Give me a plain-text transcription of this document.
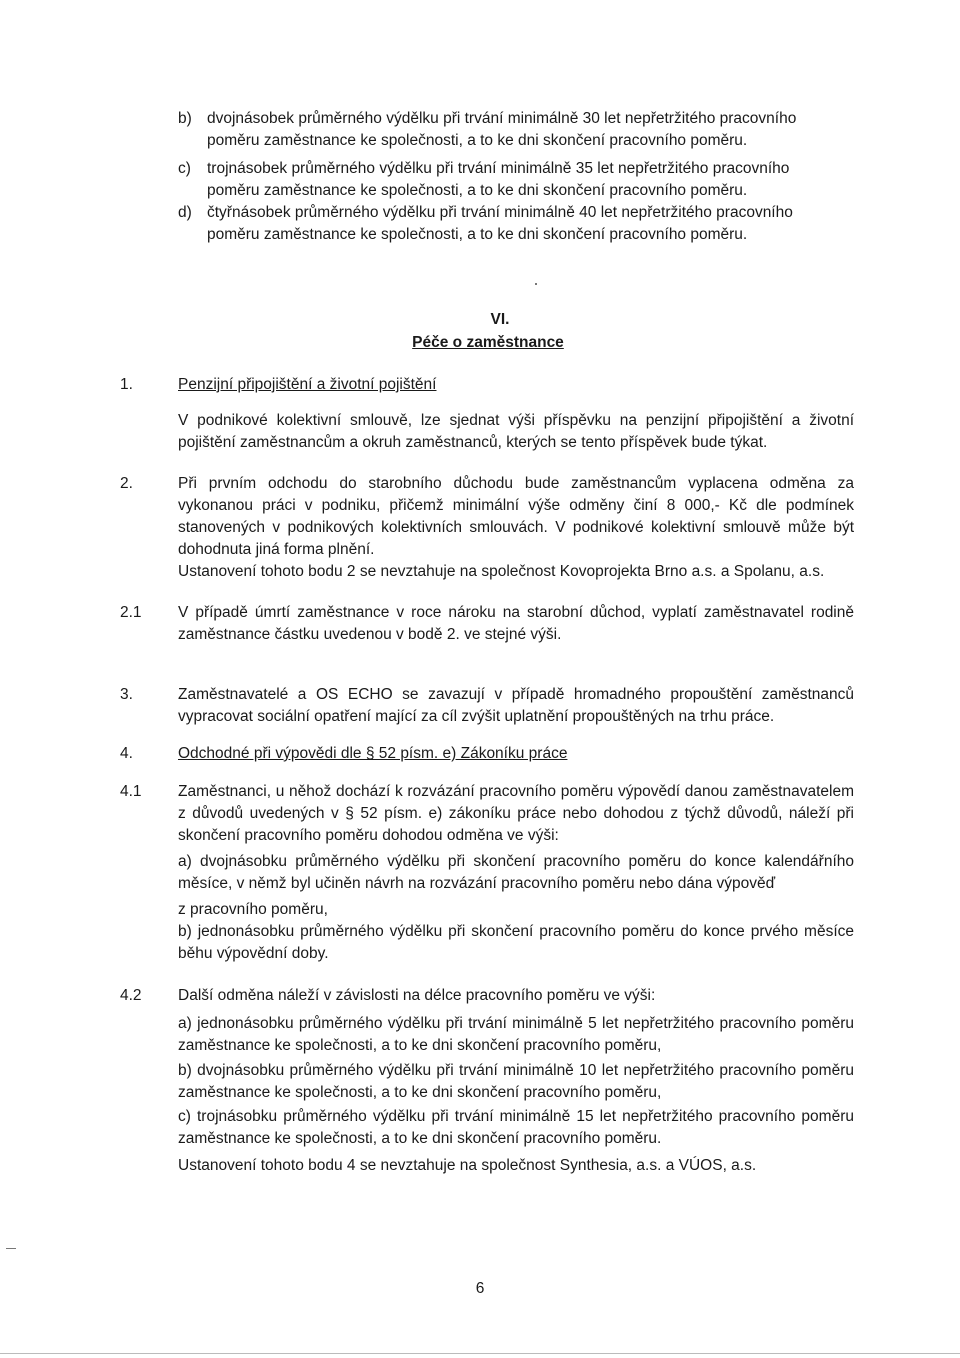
b) dvojnásobek průměrného výdělku při trvání minimálně 30 let nepřetržitého pracovního

poměru zaměstnance ke společnosti, a to ke dni skončení pracovního poměru.

c) trojnásobek průměrného výdělku při trvání minimálně 35 let nepřetržitého pracovního

poměru zaměstnance ke společnosti, a to ke dni skončení pracovního poměru.

d) čtyřnásobek průměrného výdělku při trvání minimálně 40 let nepřetržitého pracovního

poměru zaměstnance ke společnosti, a to ke dni skončení pracovního poměru.

VI.
Péče o zaměstnance
1.	Penzijní připojištění a životní pojištění
V podnikové kolektivní smlouvě, lze sjednat výši příspěvku na penzijní připojištění a životní pojištění zaměstnancům a okruh zaměstnanců, kterých se tento příspěvek bude týkat.
2.	Při prvním odchodu do starobního důchodu bude zaměstnancům vyplacena odměna za vykonanou práci v podniku, přičemž minimální výše odměny činí 8 000,- Kč dle podmínek stanovených v podnikových kolektivních smlouvách. V podnikové kolektivní smlouvě může být dohodnuta jiná forma plnění.
Ustanovení tohoto bodu 2 se nevztahuje na společnost Kovoprojekta Brno a.s. a Spolanu, a.s.
2.1 V případě úmrtí zaměstnance v roce nároku na starobní důchod, vyplatí zaměstnavatel rodině zaměstnance částku uvedenou v bodě 2. ve stejné výši.
3.	Zaměstnavatelé a OS ECHO se zavazují v případě hromadného propouštění zaměstnanců vypracovat sociální opatření mající za cíl zvýšit uplatnění propouštěných na trhu práce.
4.	Odchodné při výpovědi dle § 52 písm. e) Zákoníku práce
4.1 Zaměstnanci, u něhož dochází k rozvázání pracovního poměru výpovědí danou zaměstnavatelem z důvodů uvedených v § 52 písm. e) zákoníku práce nebo dohodou z týchž důvodů, náleží při skončení pracovního poměru dohodou odměna ve výši:
a) dvojnásobku průměrného výdělku při skončení pracovního poměru do konce kalendářního měsíce, v němž byl učiněn návrh na rozvázání pracovního poměru nebo dána výpověď
z pracovního poměru,
b) jednonásobku průměrného výdělku při skončení pracovního poměru do konce prvého měsíce běhu výpovědní doby.
4.2 Další odměna náleží v závislosti na délce pracovního poměru ve výši:
a) jednonásobku průměrného výdělku při trvání minimálně 5 let nepřetržitého pracovního poměru zaměstnance ke společnosti, a to ke dni skončení pracovního poměru,
b) dvojnásobku průměrného výdělku při trvání minimálně 10 let nepřetržitého pracovního poměru zaměstnance ke společnosti, a to ke dni skončení pracovního poměru,
c) trojnásobku průměrného výdělku při trvání minimálně 15 let nepřetržitého pracovního poměru zaměstnance ke společnosti, a to ke dni skončení pracovního poměru.
Ustanovení tohoto bodu 4 se nevztahuje na společnost Synthesia, a.s. a VÚOS, a.s.
6
